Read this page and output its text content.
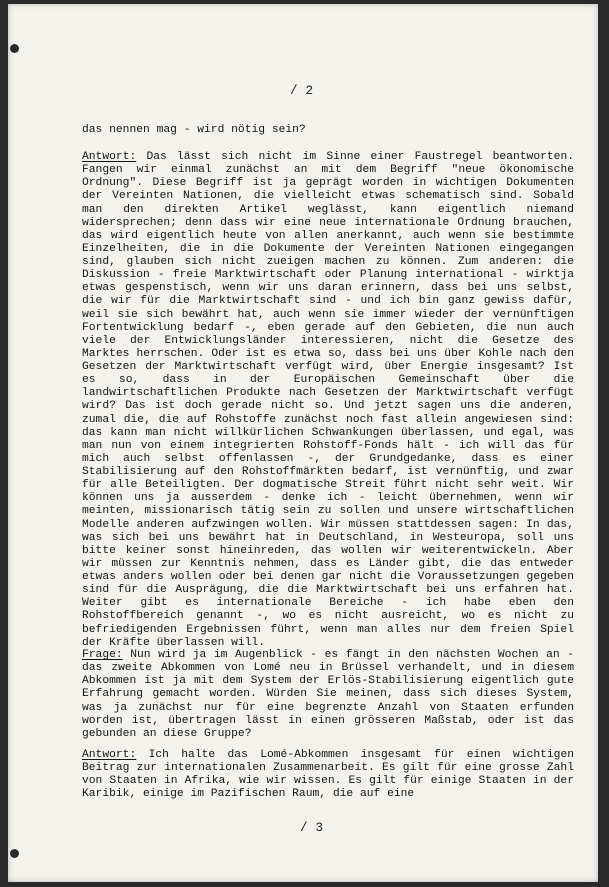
/ 2
das nennen mag - wird nötig sein?

Antwort: Das lässt sich nicht im Sinne einer Faustregel beantworten. Fangen wir einmal zunächst an mit dem Begriff "neue ökonomische Ordnung". Diese Begriff ist ja geprägt worden in wichtigen Dokumenten der Vereinten Nationen, die vielleicht etwas schematisch sind. Sobald man den direkten Artikel weglässt, kann eigentlich niemand widersprechen; denn dass wir eine neue internationale Ordnung brauchen, das wird eigentlich heute von allen anerkannt, auch wenn sie bestimmte Einzelheiten, die in die Dokumente der Vereinten Nationen eingegangen sind, glauben sich nicht zueigen machen zu können. Zum anderen: die Diskussion - freie Marktwirtschaft oder Planung international - wirktja etwas gespenstisch, wenn wir uns daran erinnern, dass bei uns selbst, die wir für die Marktwirtschaft sind - und ich bin ganz gewiss dafür, weil sie sich bewährt hat, auch wenn sie immer wieder der vernünftigen Fortentwicklung bedarf -, eben gerade auf den Gebieten, die nun auch viele der Entwicklungsländer interessieren, nicht die Gesetze des Marktes herrschen. Oder ist es etwa so, dass bei uns über Kohle nach den Gesetzen der Marktwirtschaft verfügt wird, über Energie insgesamt? Ist es so, dass in der Europäischen Gemeinschaft über die landwirtschaftlichen Produkte nach Gesetzen der Marktwirtschaft verfügt wird? Das ist doch gerade nicht so. Und jetzt sagen uns die anderen, zumal die, die auf Rohstoffe zunächst noch fast allein angewiesen sind: das kann man nicht willkürlichen Schwankungen überlassen, und egal, was man nun von einem integrierten Rohstoff-Fonds hält - ich will das für mich auch selbst offenlassen -, der Grundgedanke, dass es einer Stabilisierung auf den Rohstoffmärkten bedarf, ist vernünftig, und zwar für alle Beteiligten. Der dogmatische Streit führt nicht sehr weit. Wir können uns ja ausserdem - denke ich - leicht übernehmen, wenn wir meinten, missionarisch tätig sein zu sollen und unsere wirtschaftlichen Modelle anderen aufzwingen wollen. Wir müssen stattdessen sagen: In das, was sich bei uns bewährt hat in Deutschland, in Westeuropa, soll uns bitte keiner sonst hineinreden, das wollen wir weiterentwickeln. Aber wir müssen zur Kenntnis nehmen, dass es Länder gibt, die das entweder etwas anders wollen oder bei denen gar nicht die Voraussetzungen gegeben sind für die Ausprägung, die die Marktwirtschaft bei uns erfahren hat. Weiter gibt es internationale Bereiche - ich habe eben den Rohstoffbereich genannt -, wo es nicht ausreicht, wo es nicht zu befriedigenden Ergebnissen führt, wenn man alles nur dem freien Spiel der Kräfte überlassen will.

Frage: Nun wird ja im Augenblick - es fängt in den nächsten Wochen an - das zweite Abkommen von Lomé neu in Brüssel verhandelt, und in diesem Abkommen ist ja mit dem System der Erlös-Stabilisierung eigentlich gute Erfahrung gemacht worden. Würden Sie meinen, dass sich dieses System, was ja zunächst nur für eine begrenzte Anzahl von Staaten erfunden worden ist, übertragen lässt in einen grösseren Maßstab, oder ist das gebunden an diese Gruppe?

Antwort: Ich halte das Lomé-Abkommen insgesamt für einen wichtigen Beitrag zur internationalen Zusammenarbeit. Es gilt für eine grosse Zahl von Staaten in Afrika, wie wir wissen. Es gilt für einige Staaten in der Karibik, einige im Pazifischen Raum, die auf eine

/ 3
